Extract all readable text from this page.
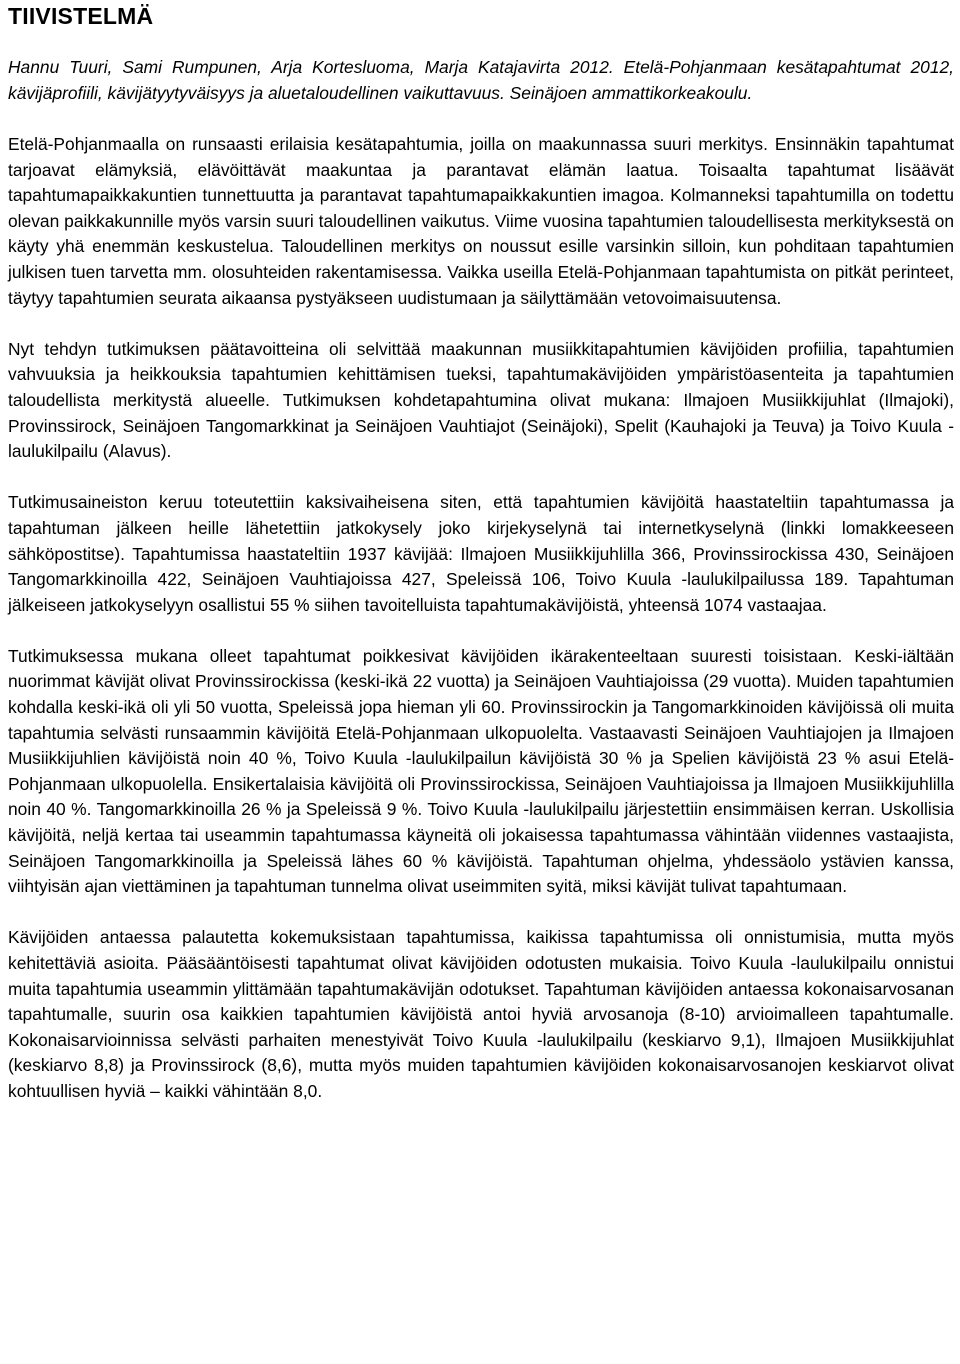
TIIVISTELMÄ

Hannu Tuuri, Sami Rumpunen, Arja Kortesluoma, Marja Katajavirta 2012. Etelä-Pohjanmaan kesätapahtumat 2012, kävijäprofiili, kävijätyytyväisyys ja aluetaloudellinen vaikuttavuus. Seinäjoen ammattikorkeakoulu.

Etelä-Pohjanmaalla on runsaasti erilaisia kesätapahtumia, joilla on maakunnassa suuri merkitys. Ensinnäkin tapahtumat tarjoavat elämyksiä, elävöittävät maakuntaa ja parantavat elämän laatua. Toisaalta tapahtumat lisäävät tapahtumapaikkakuntien tunnettuutta ja parantavat tapahtumapaikkakuntien imagoa. Kolmanneksi tapahtumilla on todettu olevan paikkakunnille myös varsin suuri taloudellinen vaikutus. Viime vuosina tapahtumien taloudellisesta merkityksestä on käyty yhä enemmän keskustelua. Taloudellinen merkitys on noussut esille varsinkin silloin, kun pohditaan tapahtumien julkisen tuen tarvetta mm. olosuhteiden rakentamisessa. Vaikka useilla Etelä-Pohjanmaan tapahtumista on pitkät perinteet, täytyy tapahtumien seurata aikaansa pystyäkseen uudistumaan ja säilyttämään vetovoimaisuutensa.

Nyt tehdyn tutkimuksen päätavoitteina oli selvittää maakunnan musiikkitapahtumien kävijöiden profiilia, tapahtumien vahvuuksia ja heikkouksia tapahtumien kehittämisen tueksi, tapahtumakävijöiden ympäristöasenteita ja tapahtumien taloudellista merkitystä alueelle. Tutkimuksen kohdetapahtumina olivat mukana: Ilmajoen Musiikkijuhlat (Ilmajoki), Provinssirock, Seinäjoen Tangomarkkinat ja Seinäjoen Vauhtiajot (Seinäjoki), Spelit (Kauhajoki ja Teuva) ja Toivo Kuula - laulukilpailu (Alavus).

Tutkimusaineiston keruu toteutettiin kaksivaiheisena siten, että tapahtumien kävijöitä haastateltiin tapahtumassa ja tapahtuman jälkeen heille lähetettiin jatkokysely joko kirjekyselynä tai internetkyselynä (linkki lomakkeeseen sähköpostitse). Tapahtumissa haastateltiin 1937 kävijää: Ilmajoen Musiikkijuhlilla 366, Provinssirockissa 430, Seinäjoen Tangomarkkinoilla 422, Seinäjoen Vauhtiajoissa 427, Speleissä 106, Toivo Kuula -laulukilpailussa 189. Tapahtuman jälkeiseen jatkokyselyyn osallistui 55 % siihen tavoitelluista tapahtumakävijöistä, yhteensä 1074 vastaajaa.

Tutkimuksessa mukana olleet tapahtumat poikkesivat kävijöiden ikärakenteeltaan suuresti toisistaan. Keski-iältään nuorimmat kävijät olivat Provinssirockissa (keski-ikä 22 vuotta) ja Seinäjoen Vauhtiajoissa (29 vuotta). Muiden tapahtumien kohdalla keski-ikä oli yli 50 vuotta, Speleissä jopa hieman yli 60. Provinssirockin ja Tangomarkkinoiden kävijöissä oli muita tapahtumia selvästi runsaammin kävijöitä Etelä-Pohjanmaan ulkopuolelta. Vastaavasti Seinäjoen Vauhtiajojen ja Ilmajoen Musiikkijuhlien kävijöistä noin 40 %, Toivo Kuula -laulukilpailun kävijöistä 30 % ja Spelien kävijöistä 23 % asui Etelä-Pohjanmaan ulkopuolella. Ensikertalaisia kävijöitä oli Provinssirockissa, Seinäjoen Vauhtiajoissa ja Ilmajoen Musiikkijuhlilla noin 40 %. Tangomarkkinoilla 26 % ja Speleissä 9 %. Toivo Kuula -laulukilpailu järjestettiin ensimmäisen kerran. Uskollisia kävijöitä, neljä kertaa tai useammin tapahtumassa käyneitä oli jokaisessa tapahtumassa vähintään viidennes vastaajista, Seinäjoen Tangomarkkinoilla ja Speleissä lähes 60 % kävijöistä. Tapahtuman ohjelma, yhdessäolo ystävien kanssa, viihtyisän ajan viettäminen ja tapahtuman tunnelma olivat useimmiten syitä, miksi kävijät tulivat tapahtumaan.

Kävijöiden antaessa palautetta kokemuksistaan tapahtumissa, kaikissa tapahtumissa oli onnistumisia, mutta myös kehitettäviä asioita. Pääsääntöisesti tapahtumat olivat kävijöiden odotusten mukaisia. Toivo Kuula -laulukilpailu onnistui muita tapahtumia useammin ylittämään tapahtumakävijän odotukset. Tapahtuman kävijöiden antaessa kokonaisarvosanan tapahtumalle, suurin osa kaikkien tapahtumien kävijöistä antoi hyviä arvosanoja (8-10) arvioimalleen tapahtumalle. Kokonaisarvioinnissa selvästi parhaiten menestyivät Toivo Kuula -laulukilpailu (keskiarvo 9,1), Ilmajoen Musiikkijuhlat (keskiarvo 8,8) ja Provinssirock (8,6), mutta myös muiden tapahtumien kävijöiden kokonaisarvosanojen keskiarvot olivat kohtuullisen hyviä – kaikki vähintään 8,0.
